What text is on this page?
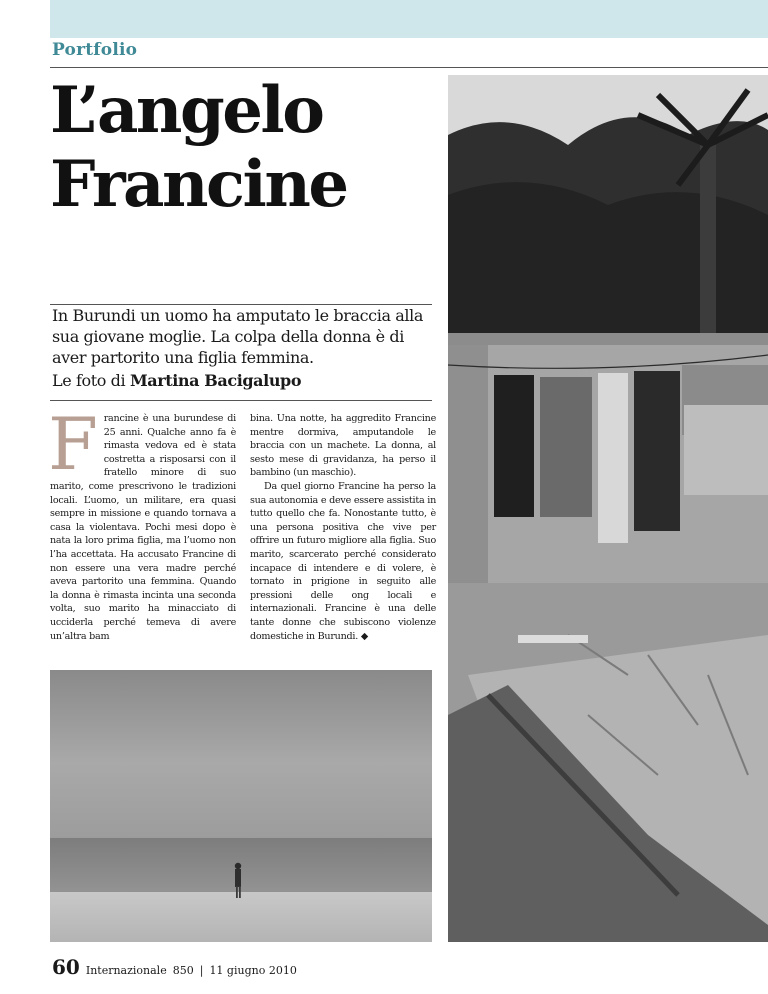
Portfolio
L’angelo
Francine

In Burundi un uomo ha amputato le braccia alla sua giovane moglie. La colpa della donna è di aver partorito una figlia femmina.

Le foto di Martina Bacigalupo
F rancine è una burundese di 25 anni. Qualche anno fa è rimasta vedova ed è stata costretta a risposarsi con il fratello minore di suo marito, come prescrivono le tradizioni locali. L’uomo, un militare, era quasi sempre in missione e quando tornava a casa la violentava. Pochi mesi dopo è nata la loro prima figlia, ma l’uomo non l’ha accettata. Ha accusato Francine di non essere una vera madre perché aveva partorito una femmina. Quando la donna è rimasta incinta una seconda volta, suo marito ha minacciato di ucciderla perché temeva di avere un’altra bam

bina. Una notte, ha aggredito Francine mentre dormiva, amputandole le braccia con un machete. La donna, al sesto mese di gravidanza, ha perso il bambino (un maschio).

Da quel giorno Francine ha perso la sua autonomia e deve essere assistita in tutto quello che fa. Nonostante tutto, è una persona positiva che vive per offrire un futuro migliore alla figlia. Suo marito, scarcerato perché considerato incapace di intendere e di volere, è tornato in prigione in seguito alle pressioni delle ong locali e internazionali. Francine è una delle tante donne che subiscono violenze domestiche in Burundi. ◆

60 Internazionale 850 | 11 giugno 2010
